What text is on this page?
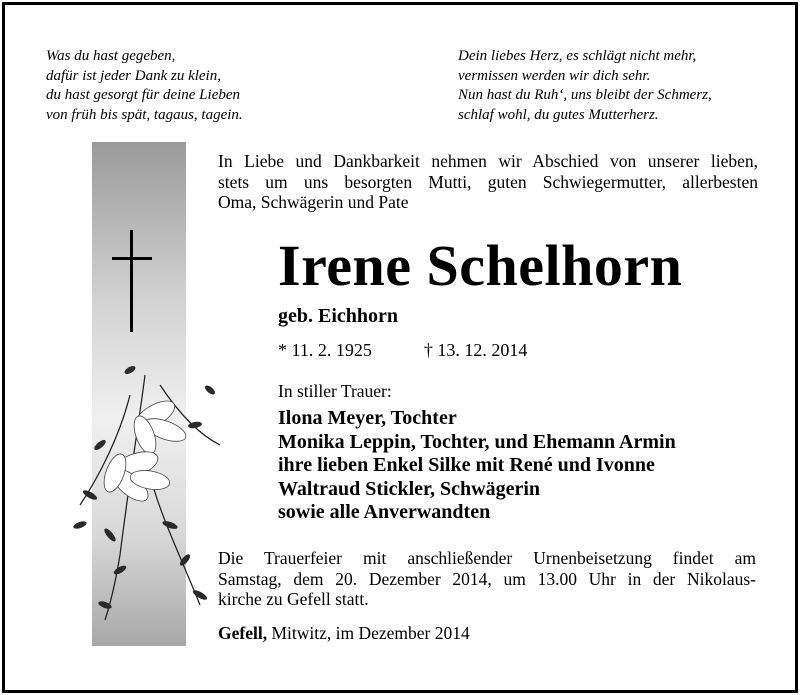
Was du hast gegeben,
dafür ist jeder Dank zu klein,
du hast gesorgt für deine Lieben
von früh bis spät, tagaus, tagein.
Dein liebes Herz, es schlägt nicht mehr,
vermissen werden wir dich sehr.
Nun hast du Ruh‘, uns bleibt der Schmerz,
schlaf wohl, du gutes Mutterherz.
In Liebe und Dankbarkeit nehmen wir Abschied von unserer lieben,
stets um uns besorgten Mutti, guten Schwiegermutter, allerbesten
Oma, Schwägerin und Pate
Irene Schelhorn
geb. Eichhorn
* 11. 2. 1925	† 13. 12. 2014
In stiller Trauer:
Ilona Meyer, Tochter
Monika Leppin, Tochter, und Ehemann Armin
ihre lieben Enkel Silke mit René und Ivonne
Waltraud Stickler, Schwägerin
sowie alle Anverwandten
Die Trauerfeier mit anschließender Urnenbeisetzung findet am
Samstag, dem 20. Dezember 2014, um 13.00 Uhr in der Nikolaus-
kirche zu Gefell statt.
Gefell, Mitwitz, im Dezember 2014
